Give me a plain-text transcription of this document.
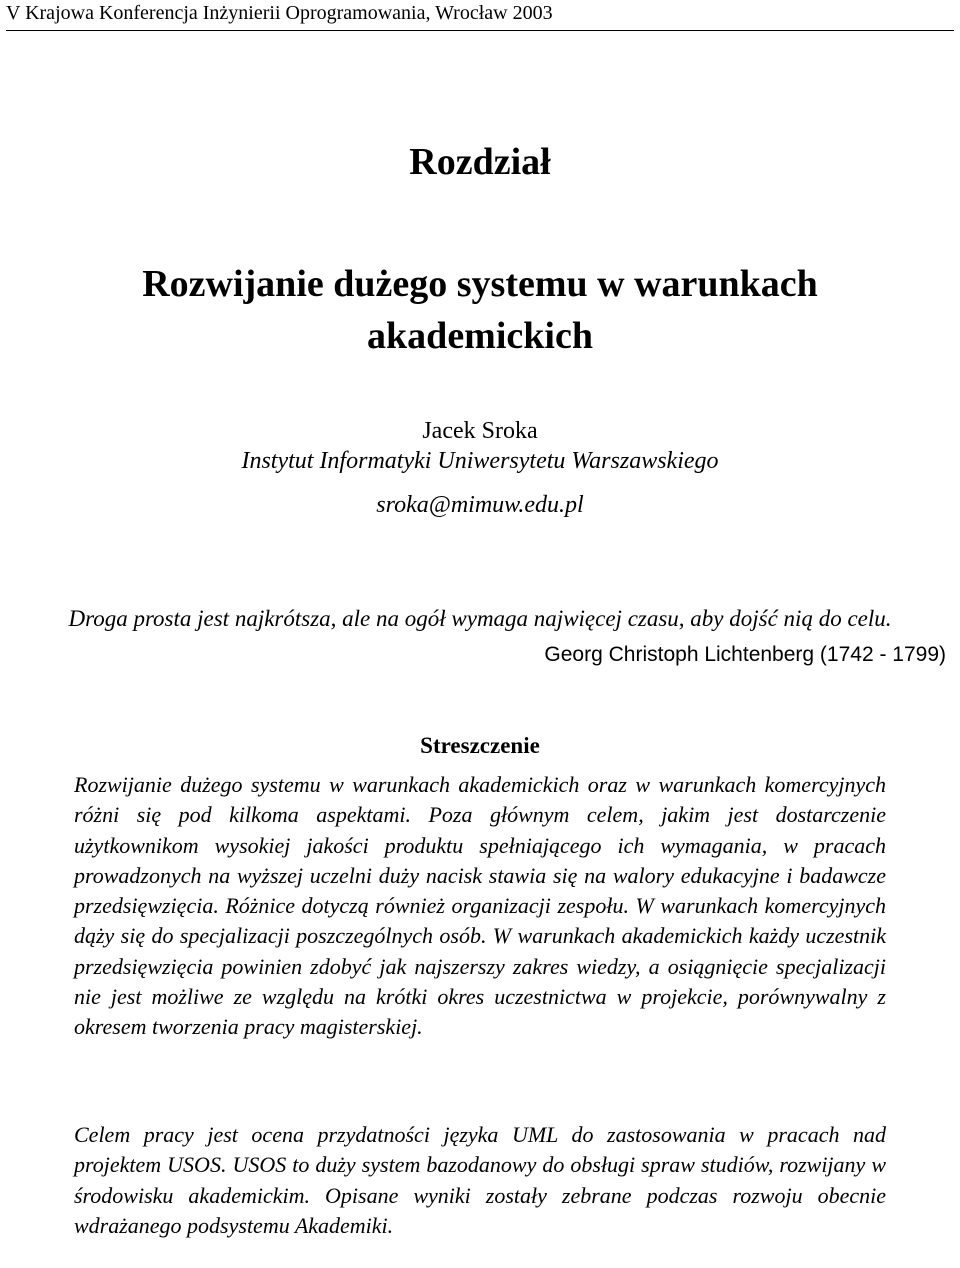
V Krajowa Konferencja Inżynierii Oprogramowania, Wrocław 2003
Rozdział
Rozwijanie dużego systemu w warunkach akademickich
Jacek Sroka
Instytut Informatyki Uniwersytetu Warszawskiego
sroka@mimuw.edu.pl
Droga prosta jest najkrótsza, ale na ogół wymaga najwięcej czasu, aby dojść nią do celu.
Georg Christoph Lichtenberg (1742 - 1799)
Streszczenie

Rozwijanie dużego systemu w warunkach akademickich oraz w warunkach komercyjnych różni się pod kilkoma aspektami. Poza głównym celem, jakim jest dostarczenie użytkownikom wysokiej jakości produktu spełniającego ich wymagania, w pracach prowadzonych na wyższej uczelni duży nacisk stawia się na walory edukacyjne i badawcze przedsięwzięcia. Różnice dotyczą również organizacji zespołu. W warunkach komercyjnych dąży się do specjalizacji poszczególnych osób. W warunkach akademickich każdy uczestnik przedsięwzięcia powinien zdobyć jak najszerszy zakres wiedzy, a osiągnięcie specjalizacji nie jest możliwe ze względu na krótki okres uczestnictwa w projekcie, porównywalny z okresem tworzenia pracy magisterskiej.

Celem pracy jest ocena przydatności języka UML do zastosowania w pracach nad projektem USOS. USOS to duży system bazodanowy do obsługi spraw studiów, rozwijany w środowisku akademickim. Opisane wyniki zostały zebrane podczas rozwoju obecnie wdrażanego podsystemu Akademiki.
